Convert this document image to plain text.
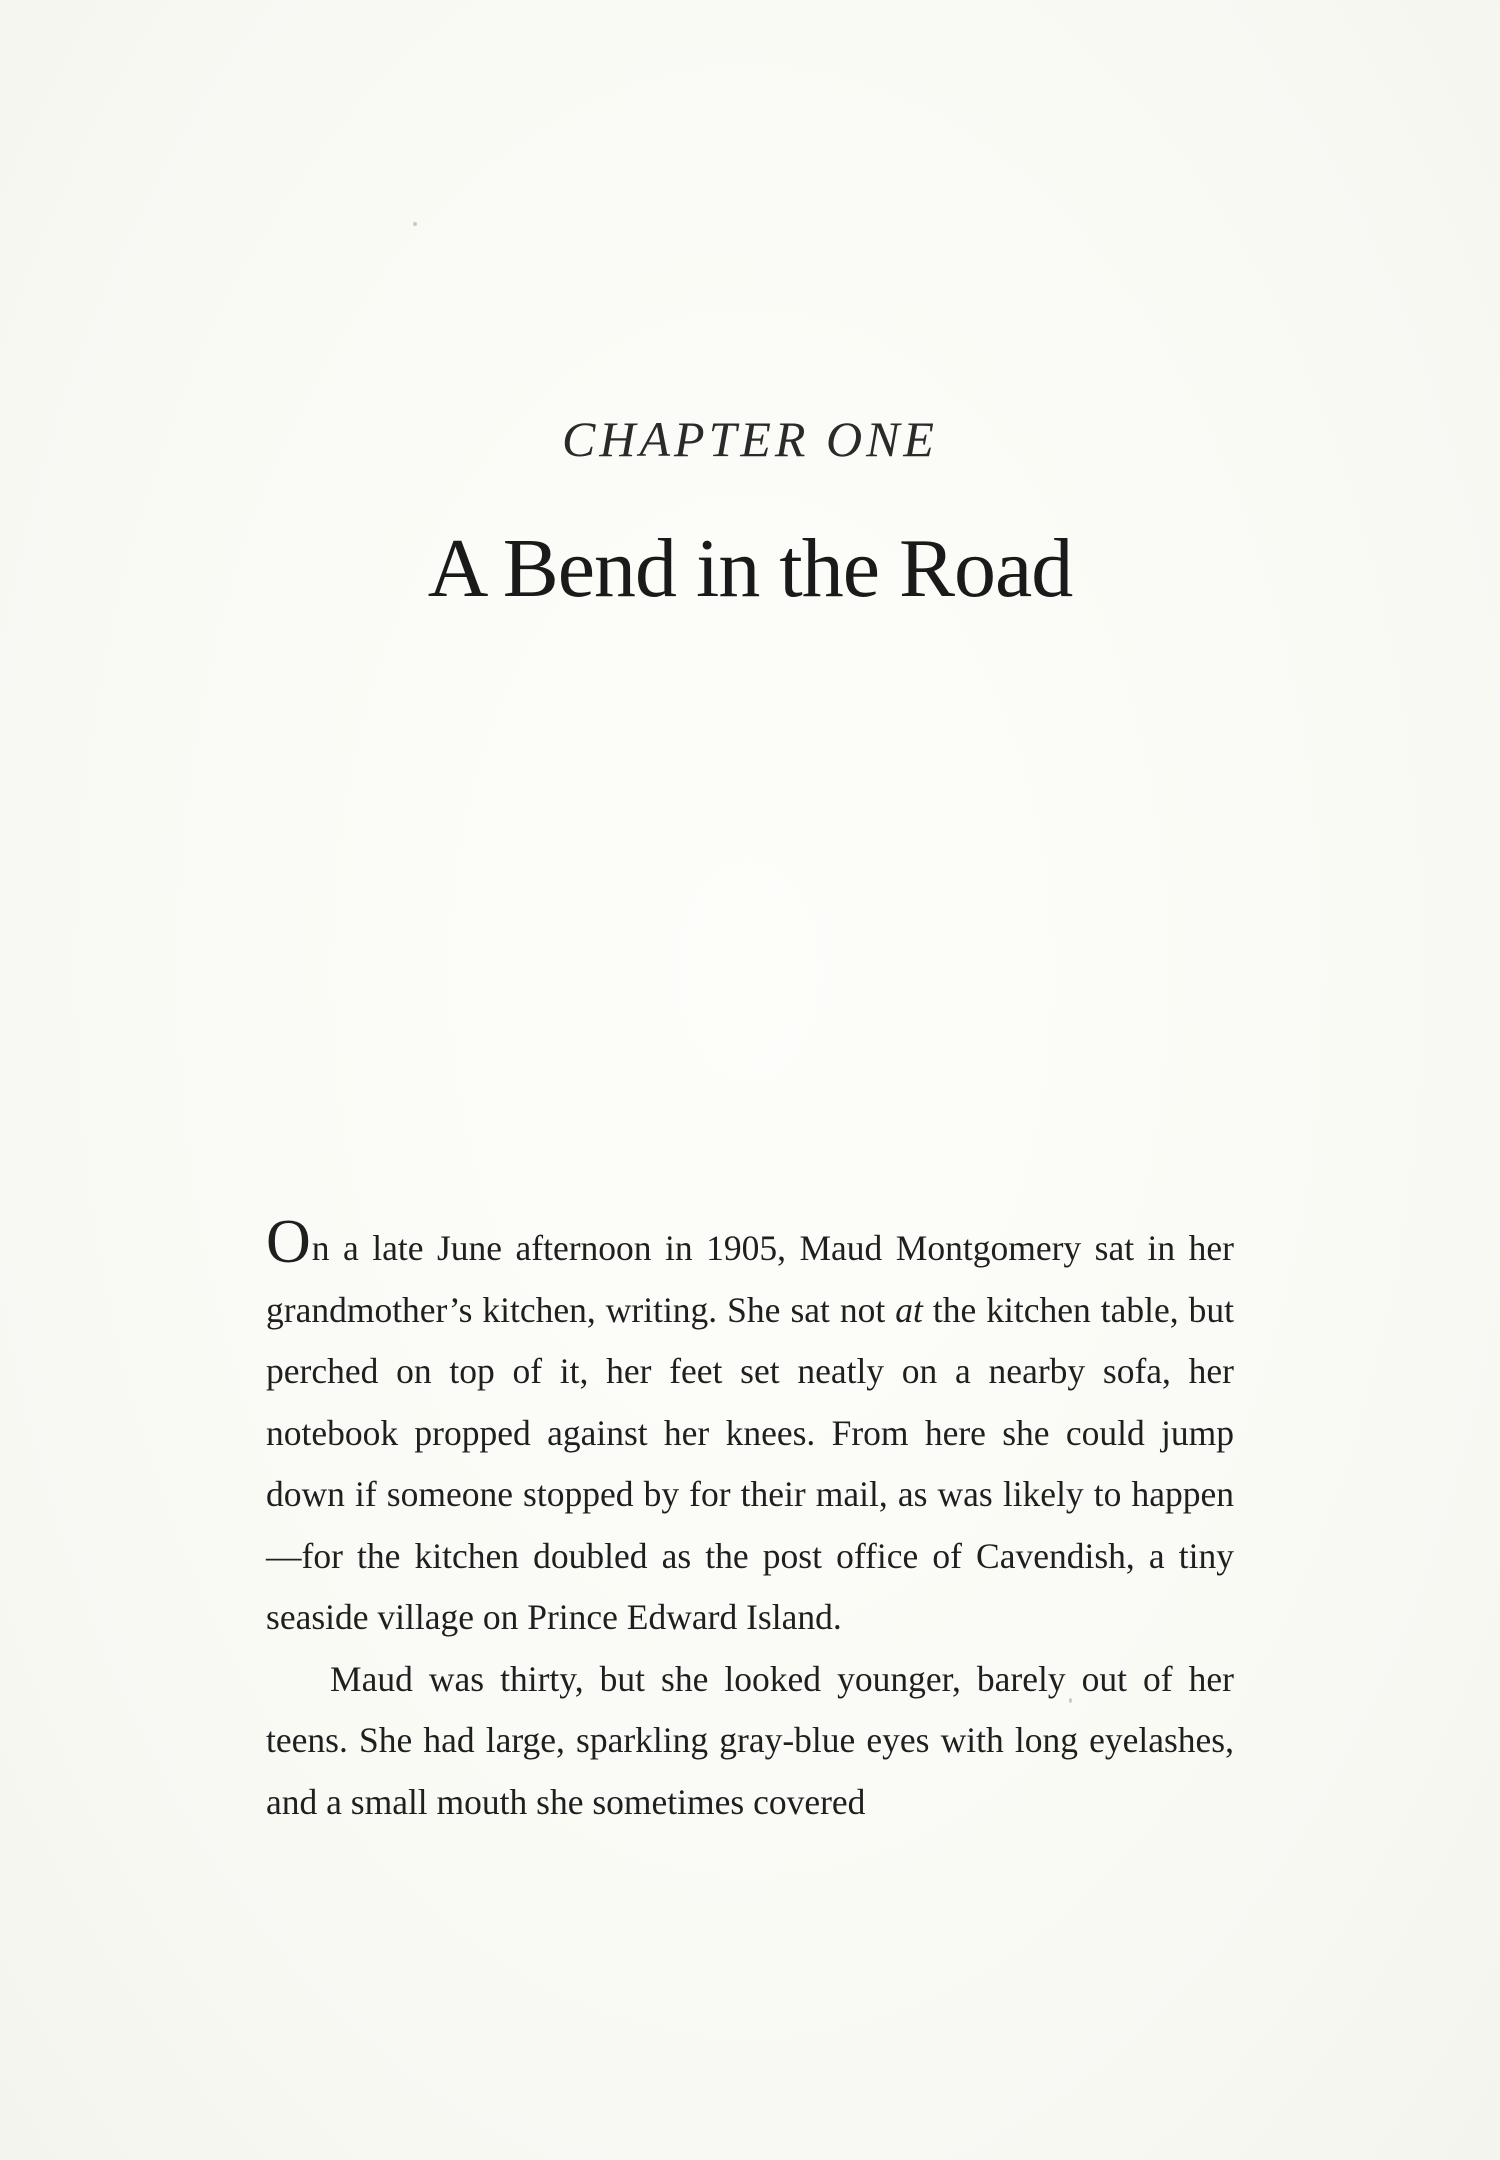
CHAPTER ONE
A Bend in the Road

On a late June afternoon in 1905, Maud Montgomery sat in her grandmother’s kitchen, writing. She sat not at the kitchen table, but perched on top of it, her feet set neatly on a nearby sofa, her notebook propped against her knees. From here she could jump down if someone stopped by for their mail, as was likely to happen—for the kitchen doubled as the post office of Cavendish, a tiny seaside village on Prince Edward Island.

Maud was thirty, but she looked younger, barely out of her teens. She had large, sparkling gray-blue eyes with long eyelashes, and a small mouth she sometimes covered
